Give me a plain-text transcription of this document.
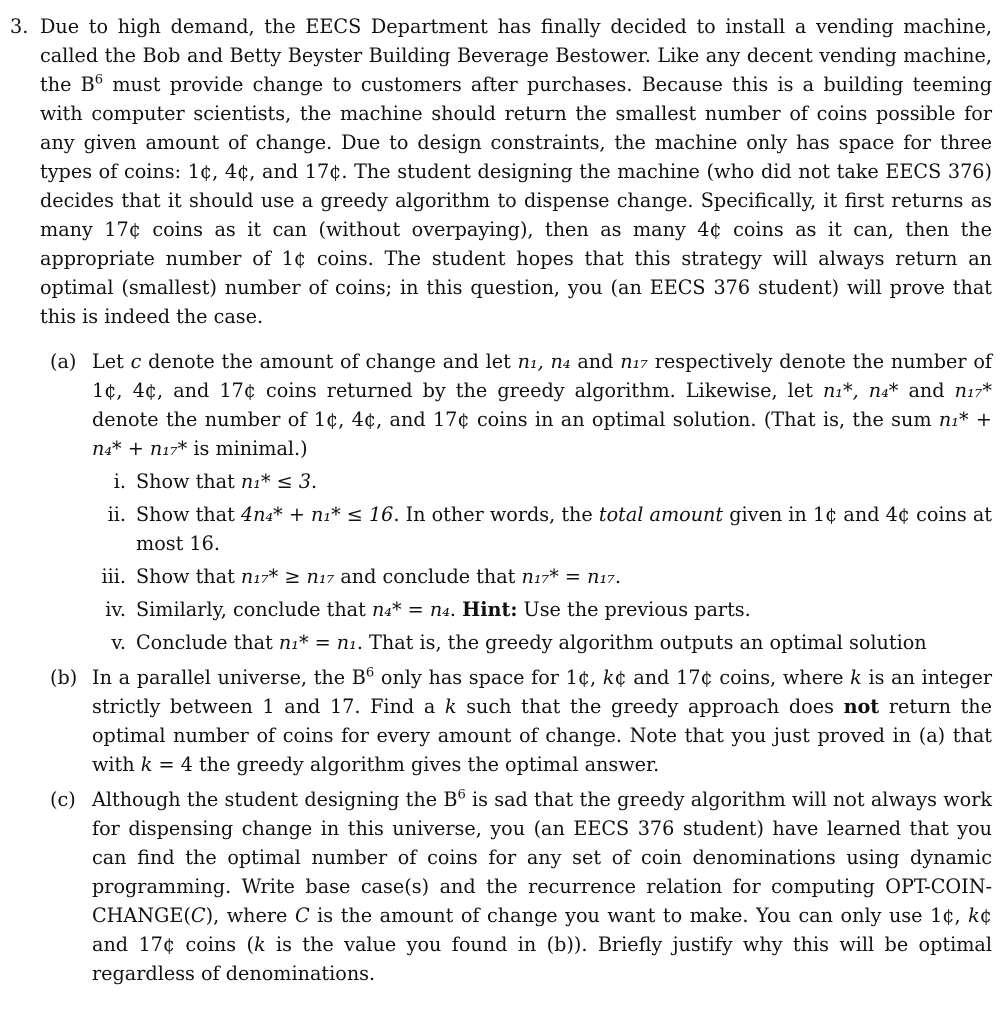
3. Due to high demand, the EECS Department has finally decided to install a vending machine, called the Bob and Betty Beyster Building Beverage Bestower. Like any decent vending machine, the $B^6$ must provide change to customers after purchases. Because this is a building teeming with computer scientists, the machine should return the smallest number of coins possible for any given amount of change. Due to design constraints, the machine only has space for three types of coins: 1¢, 4¢, and 17¢. The student designing the machine (who did not take EECS 376) decides that it should use a greedy algorithm to dispense change. Specifically, it first returns as many 17¢ coins as it can (without overpaying), then as many 4¢ coins as it can, then the appropriate number of 1¢ coins. The student hopes that this strategy will always return an optimal (smallest) number of coins; in this question, you (an EECS 376 student) will prove that this is indeed the case.
(a) Let c denote the amount of change and let n₁, n₄ and n₁₇ respectively denote the number of 1¢, 4¢, and 17¢ coins returned by the greedy algorithm. Likewise, let n₁*, n₄* and n₁₇* denote the number of 1¢, 4¢, and 17¢ coins in an optimal solution. (That is, the sum n₁* + n₄* + n₁₇* is minimal.)
i. Show that n₁* ≤ 3.
ii. Show that 4n₄* + n₁* ≤ 16. In other words, the total amount given in 1¢ and 4¢ coins at most 16.
iii. Show that n₁₇* ≥ n₁₇ and conclude that n₁₇* = n₁₇.
iv. Similarly, conclude that n₄* = n₄. Hint: Use the previous parts.
v. Conclude that n₁* = n₁. That is, the greedy algorithm outputs an optimal solution
(b) In a parallel universe, the $B^6$ only has space for 1¢, k¢ and 17¢ coins, where k is an integer strictly between 1 and 17. Find a k such that the greedy approach does not return the optimal number of coins for every amount of change. Note that you just proved in (a) that with k = 4 the greedy algorithm gives the optimal answer.
(c) Although the student designing the $B^6$ is sad that the greedy algorithm will not always work for dispensing change in this universe, you (an EECS 376 student) have learned that you can find the optimal number of coins for any set of coin denominations using dynamic programming. Write base case(s) and the recurrence relation for computing OPT-COIN-CHANGE(C), where C is the amount of change you want to make. You can only use 1¢, k¢ and 17¢ coins (k is the value you found in (b)). Briefly justify why this will be optimal regardless of denominations.
